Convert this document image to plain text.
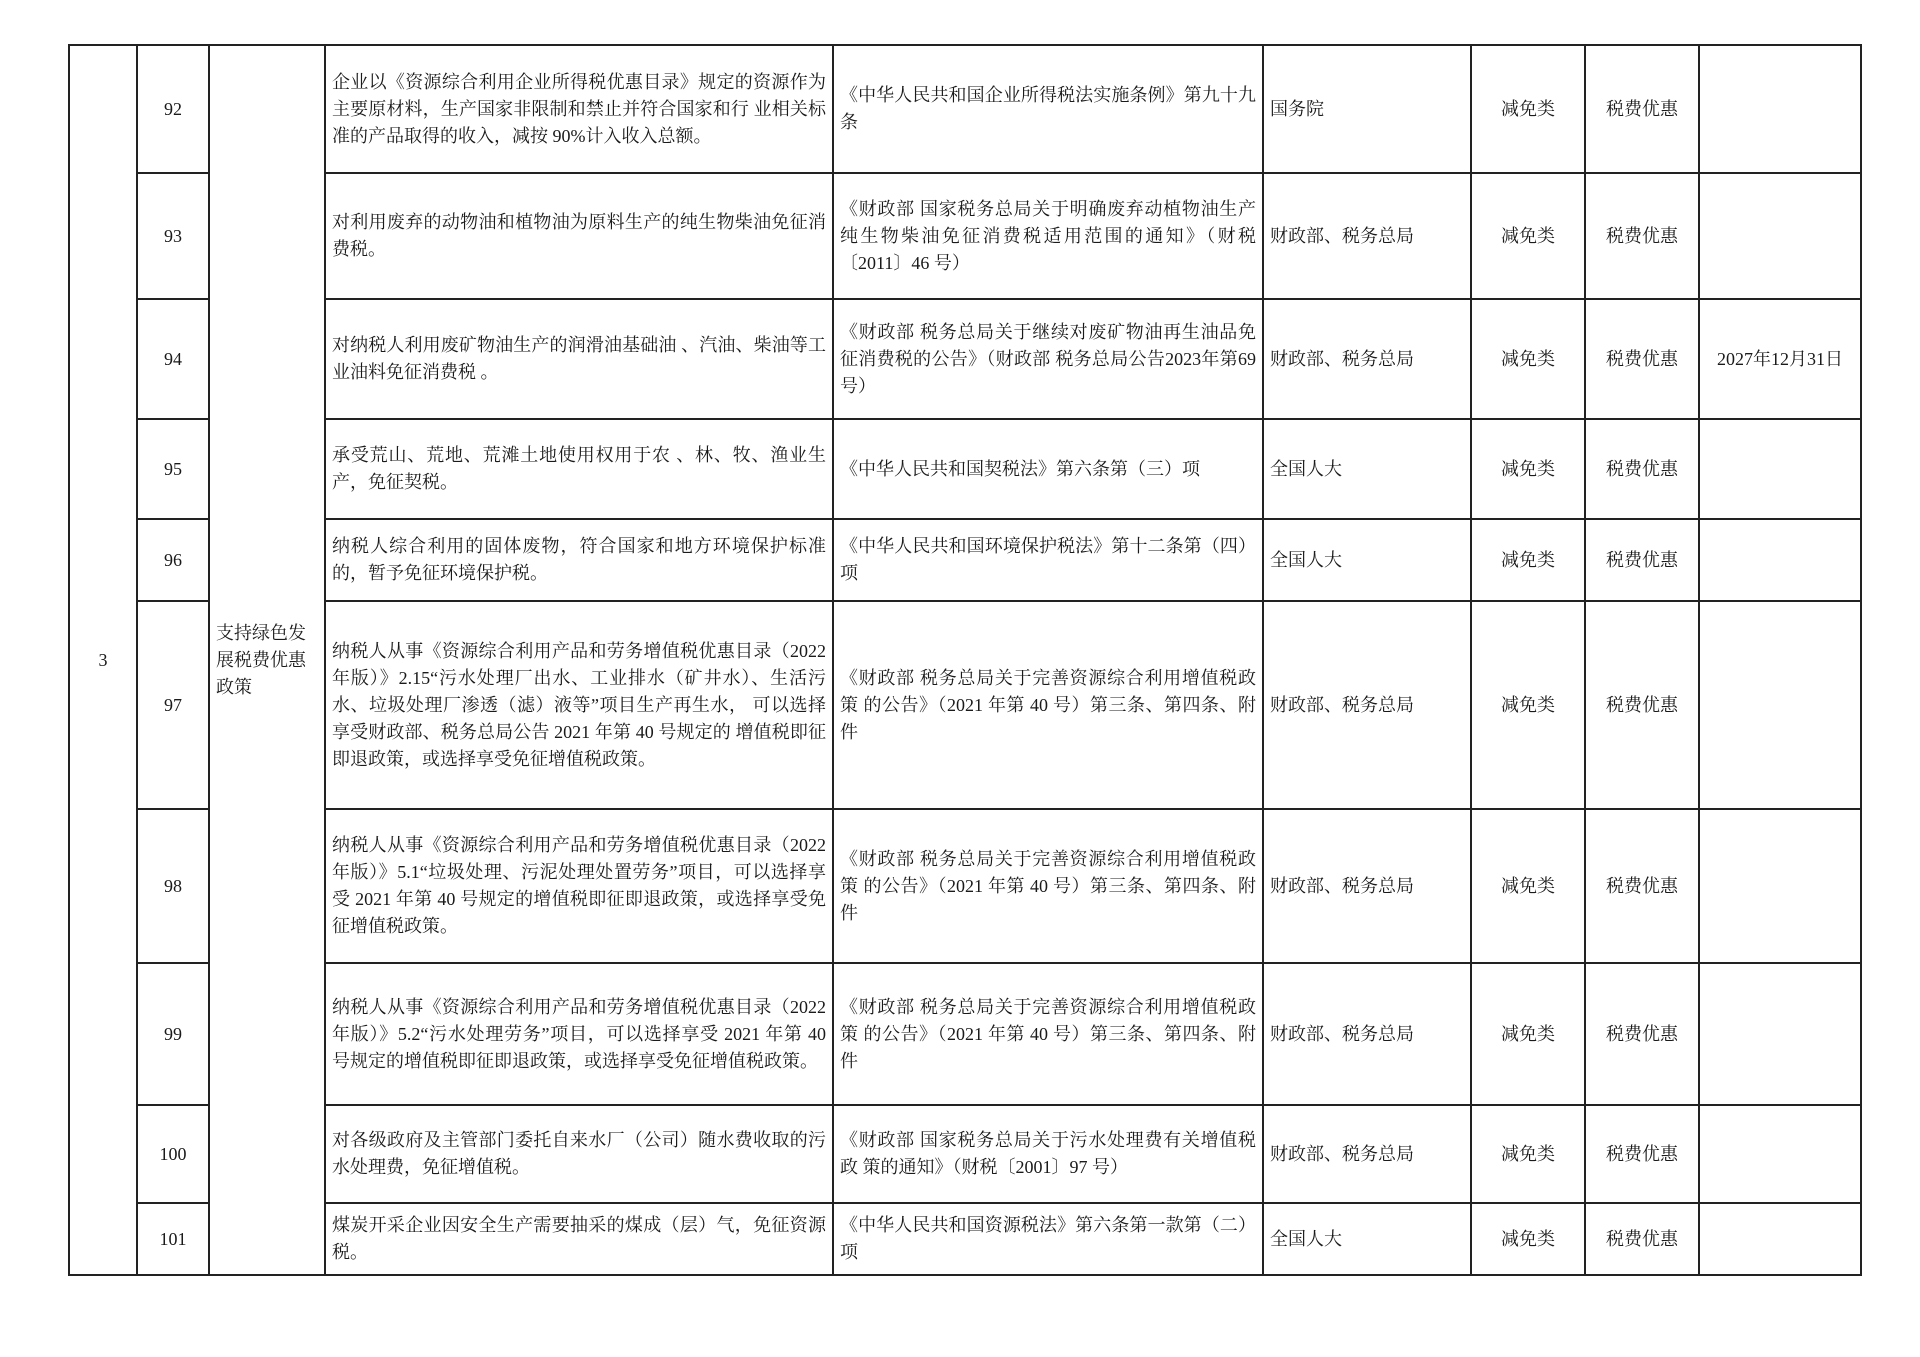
3	92	支持绿色发展税费优惠政策	企业以《资源综合利用企业所得税优惠目录》规定的资源作为主要原材料，生产国家非限制和禁止并符合国家和行 业相关标准的产品取得的收入，减按 90%计入收入总额。	《中华人民共和国企业所得税法实施条例》第九十九 条	国务院	减免类	税费优惠	
	93		对利用废弃的动物油和植物油为原料生产的纯生物柴油免征消费税。	《财政部 国家税务总局关于明确废弃动植物油生产 纯生物柴油免征消费税适用范围的通知》（财税〔2011〕46 号）	财政部、税务总局	减免类	税费优惠	
	94		对纳税人利用废矿物油生产的润滑油基础油 、汽油、柴油等工业油料免征消费税 。	《财政部 税务总局关于继续对废矿物油再生油品免征消费税的公告》（财政部 税务总局公告2023年第69号）	财政部、税务总局	减免类	税费优惠	2027年12月31日
	95		承受荒山、荒地、荒滩土地使用权用于农 、林、牧、渔业生产，免征契税。	《中华人民共和国契税法》第六条第（三）项	全国人大	减免类	税费优惠	
	96		纳税人综合利用的固体废物，符合国家和地方环境保护标准的，暂予免征环境保护税。	《中华人民共和国环境保护税法》第十二条第（四） 项	全国人大	减免类	税费优惠	
	97		纳税人从事《资源综合利用产品和劳务增值税优惠目录（2022 年版）》2.15“污水处理厂出水、工业排水（矿井水）、生活污水、垃圾处理厂渗透（滤）液等”项目生产再生水， 可以选择享受财政部、税务总局公告 2021 年第 40 号规定的 增值税即征即退政策，或选择享受免征增值税政策。	《财政部 税务总局关于完善资源综合利用增值税政策 的公告》（2021 年第 40 号）第三条、第四条、附件	财政部、税务总局	减免类	税费优惠	
	98		纳税人从事《资源综合利用产品和劳务增值税优惠目录（2022 年版）》5.1“垃圾处理、污泥处理处置劳务”项目，可以选择享受 2021 年第 40 号规定的增值税即征即退政策，或选择享受免征增值税政策。	《财政部 税务总局关于完善资源综合利用增值税政策 的公告》（2021 年第 40 号）第三条、第四条、附件	财政部、税务总局	减免类	税费优惠	
	99		纳税人从事《资源综合利用产品和劳务增值税优惠目录（2022 年版）》5.2“污水处理劳务”项目，可以选择享受 2021 年第 40 号规定的增值税即征即退政策，或选择享受免征增值税政策。	《财政部 税务总局关于完善资源综合利用增值税政策 的公告》（2021 年第 40 号）第三条、第四条、附件	财政部、税务总局	减免类	税费优惠	
	100		对各级政府及主管部门委托自来水厂（公司）随水费收取的污水处理费，免征增值税。	《财政部 国家税务总局关于污水处理费有关增值税政 策的通知》（财税〔2001〕97 号）	财政部、税务总局	减免类	税费优惠	
	101		煤炭开采企业因安全生产需要抽采的煤成（层）气，免征资源税。	《中华人民共和国资源税法》第六条第一款第（二）项	全国人大	减免类	税费优惠	
